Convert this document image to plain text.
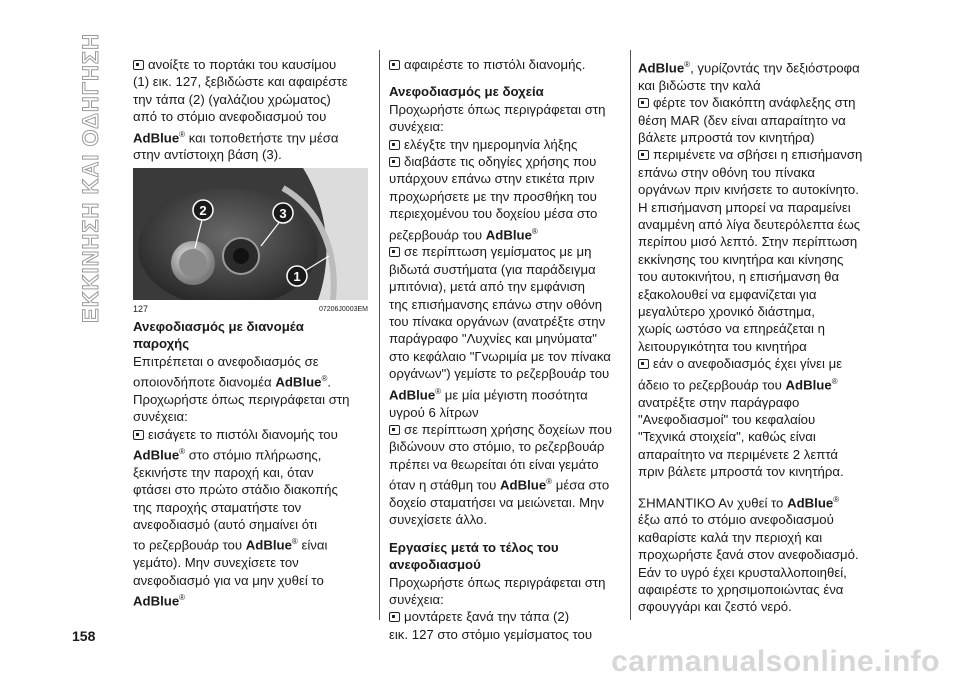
ΕΚΚΙΝΗΣΗ ΚΑΙ ΟΔΗΓΗΣΗ
158
carmanualsonline.info

ανοίξτε το πορτάκι του καυσίμου

(1) εικ. 127, ξεβιδώστε και αφαιρέστε

την τάπα (2) (γαλάζιου χρώματος)

από το στόμιο ανεφοδιασμού του

AdBlue® και τοποθετήστε την μέσα

στην αντίστοιχη βάση (3).

2	3
1
127	07206J0003EM

Ανεφοδιασμός με διανομέα

παροχής

Επιτρέπεται ο ανεφοδιασμός σε

οποιονδήποτε διανομέα AdBlue®.

Προχωρήστε όπως περιγράφεται στη

συνέχεια:

εισάγετε το πιστόλι διανομής του

AdBlue® στο στόμιο πλήρωσης,

ξεκινήστε την παροχή και, όταν

φτάσει στο πρώτο στάδιο διακοπής

της παροχής σταματήστε τον

ανεφοδιασμό (αυτό σημαίνει ότι

το ρεζερβουάρ του AdBlue® είναι

γεμάτο). Μην συνεχίσετε τον

ανεφοδιασμό για να μην χυθεί το

AdBlue®

αφαιρέστε το πιστόλι διανομής.

Ανεφοδιασμός με δοχεία

Προχωρήστε όπως περιγράφεται στη

συνέχεια:

ελέγξτε την ημερομηνία λήξης

διαβάστε τις οδηγίες χρήσης που

υπάρχουν επάνω στην ετικέτα πριν

προχωρήσετε με την προσθήκη του

περιεχομένου του δοχείου μέσα στο

ρεζερβουάρ του AdBlue®

σε περίπτωση γεμίσματος με μη

βιδωτά συστήματα (για παράδειγμα

μπιτόνια), μετά από την εμφάνιση

της επισήμανσης επάνω στην οθόνη

του πίνακα οργάνων (ανατρέξτε στην

παράγραφο "Λυχνίες και μηνύματα"

στο κεφάλαιο "Γνωριμία με τον πίνακα

οργάνων") γεμίστε το ρεζερβουάρ του

AdBlue® με μία μέγιστη ποσότητα

υγρού 6 λίτρων

σε περίπτωση χρήσης δοχείων που

βιδώνουν στο στόμιο, το ρεζερβουάρ

πρέπει να θεωρείται ότι είναι γεμάτο

όταν η στάθμη του AdBlue® μέσα στο

δοχείο σταματήσει να μειώνεται. Μην

συνεχίσετε άλλο.

Εργασίες μετά το τέλος του

ανεφοδιασμού

Προχωρήστε όπως περιγράφεται στη

συνέχεια:

μοντάρετε ξανά την τάπα (2)

εικ. 127 στο στόμιο γεμίσματος του

AdBlue®, γυρίζοντάς την δεξιόστροφα

και βιδώστε την καλά

φέρτε τον διακόπτη ανάφλεξης στη

θέση MAR (δεν είναι απαραίτητο να

βάλετε μπροστά τον κινητήρα)

περιμένετε να σβήσει η επισήμανση

επάνω στην οθόνη του πίνακα

οργάνων πριν κινήσετε το αυτοκίνητο.

Η επισήμανση μπορεί να παραμείνει

αναμμένη από λίγα δευτερόλεπτα έως

περίπου μισό λεπτό. Στην περίπτωση

εκκίνησης του κινητήρα και κίνησης

του αυτοκινήτου, η επισήμανση θα

εξακολουθεί να εμφανίζεται για

μεγαλύτερο χρονικό διάστημα,

χωρίς ωστόσο να επηρεάζεται η

λειτουργικότητα του κινητήρα

εάν ο ανεφοδιασμός έχει γίνει με

άδειο το ρεζερβουάρ του AdBlue®

ανατρέξτε στην παράγραφο

"Ανεφοδιασμοί" του κεφαλαίου

"Τεχνικά στοιχεία", καθώς είναι

απαραίτητο να περιμένετε 2 λεπτά

πριν βάλετε μπροστά τον κινητήρα.

ΣΗΜΑΝΤΙΚΟ Αν χυθεί το AdBlue®

έξω από το στόμιο ανεφοδιασμού

καθαρίστε καλά την περιοχή και

προχωρήστε ξανά στον ανεφοδιασμό.

Εάν το υγρό έχει κρυσταλλοποιηθεί,

αφαιρέστε το χρησιμοποιώντας ένα

σφουγγάρι και ζεστό νερό.
